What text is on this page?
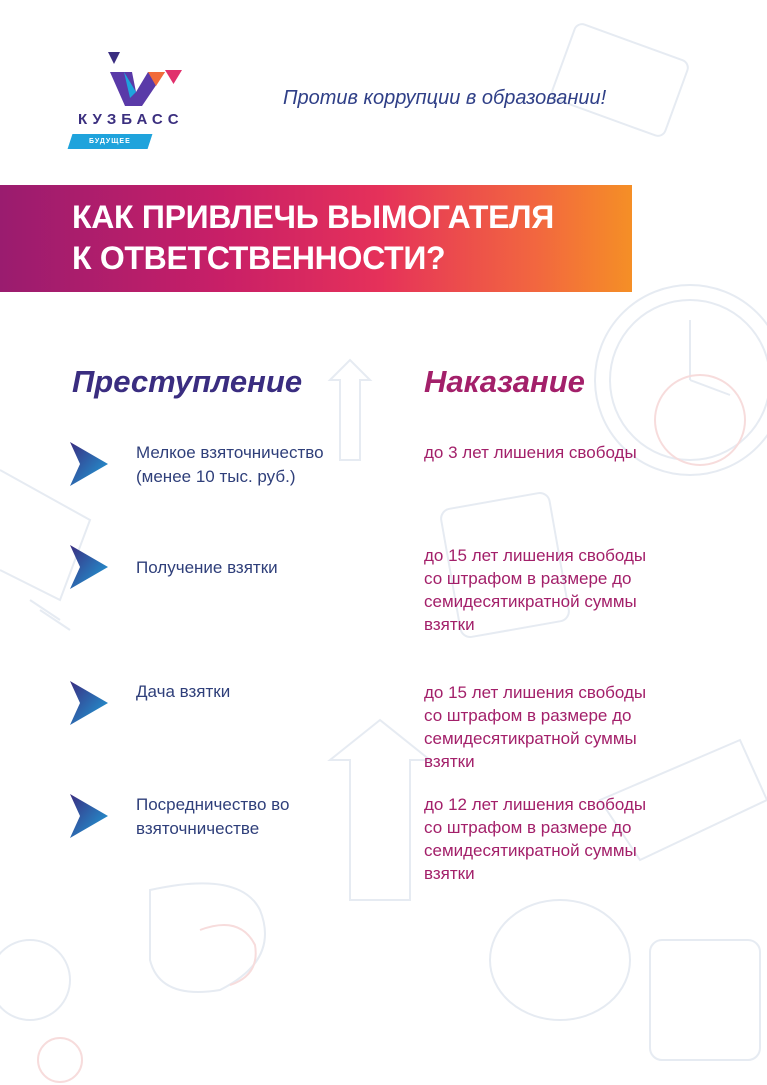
КУЗБАСС
БУДУЩЕЕ
Против коррупции в образовании!
КАК ПРИВЛЕЧЬ ВЫМОГАТЕЛЯ
К ОТВЕТСТВЕННОСТИ?
Преступление	Наказание
Мелкое взяточничество
(менее 10 тыс. руб.)
до 3 лет лишения свободы
Получение взятки
до 15 лет лишения свободы
со штрафом в размере до
семидесятикратной суммы
взятки
Дача взятки	до 15 лет лишения свободы
со штрафом в размере до
семидесятикратной суммы
взятки
Посредничество во
взяточничестве
до 12 лет лишения свободы
со штрафом в размере до
семидесятикратной суммы
взятки
